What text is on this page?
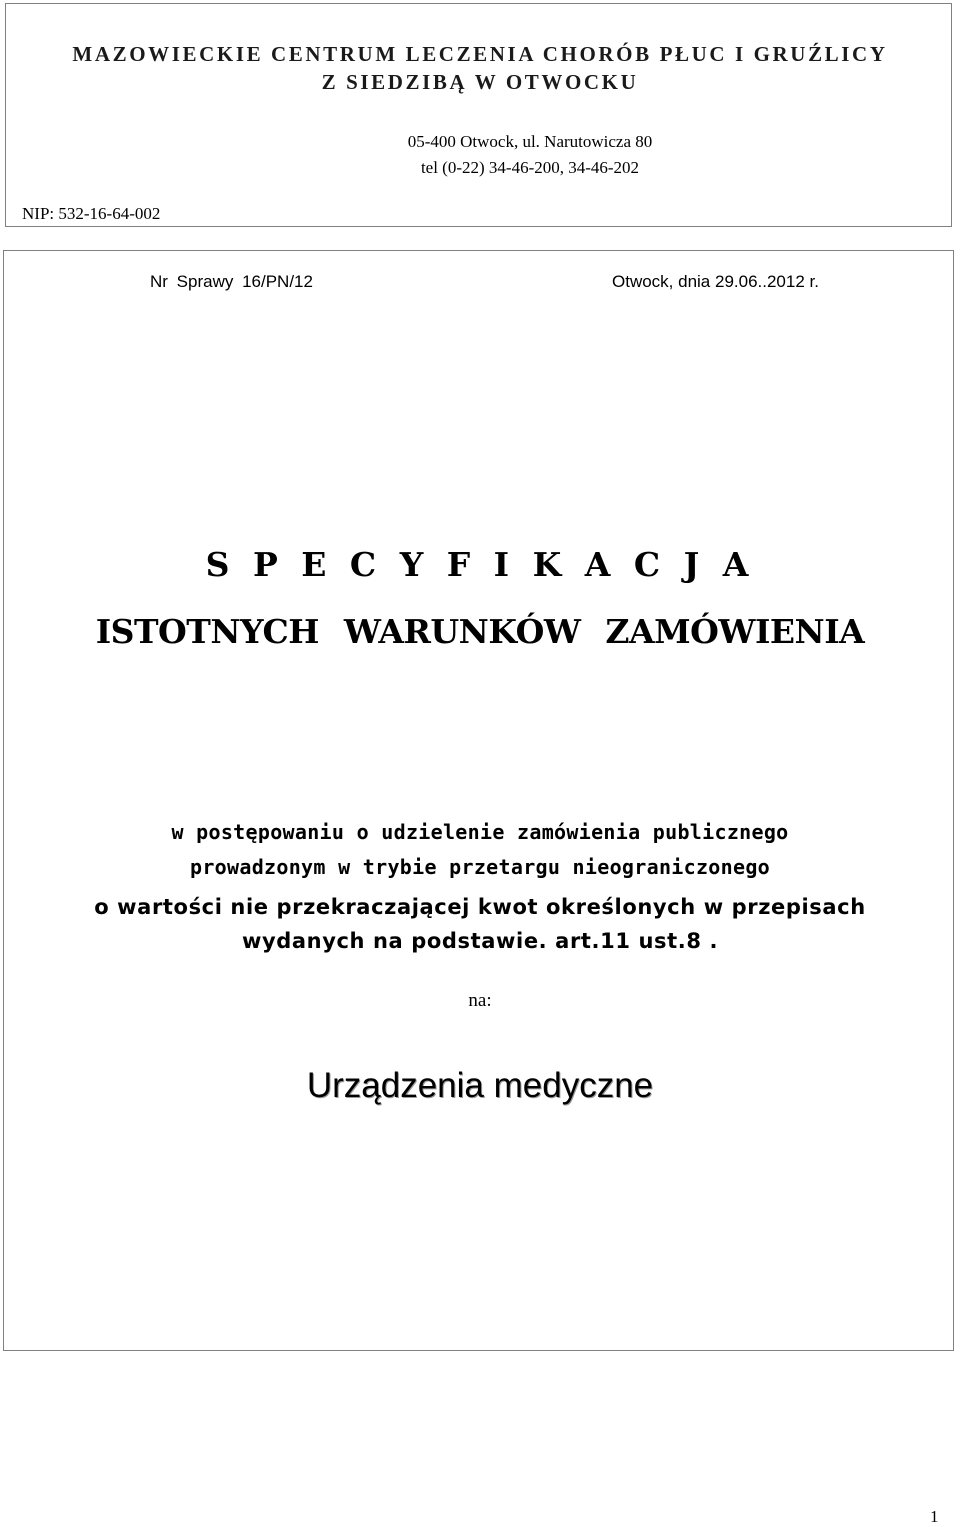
MAZOWIECKIE CENTRUM LECZENIA CHORÓB PŁUC I GRUŹLICY
Z SIEDZIBĄ W OTWOCKU
05-400 Otwock, ul. Narutowicza 80
tel (0-22) 34-46-200, 34-46-202
NIP: 532-16-64-002
Nr Sprawy 16/PN/12	Otwock, dnia 29.06..2012 r.
S P E C Y F I K A C J A
ISTOTNYCH WARUNKÓW ZAMÓWIENIA
w postępowaniu o udzielenie zamówienia publicznego
prowadzonym w trybie przetargu nieograniczonego
o wartości nie przekraczającej kwot określonych w przepisach
wydanych na podstawie. art.11 ust.8 .
na:
Urządzenia medyczne
1
